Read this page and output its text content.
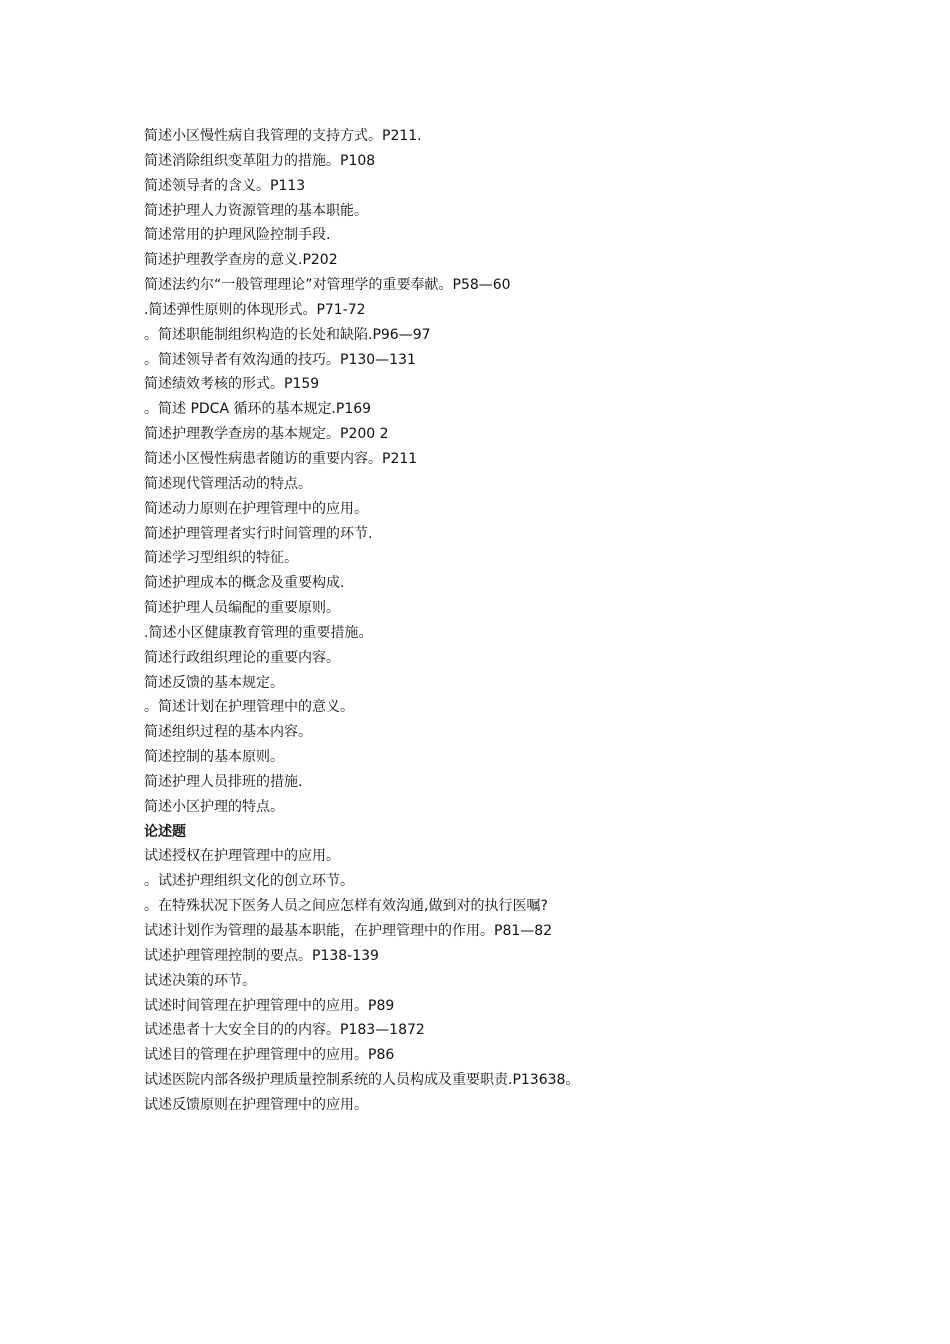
简述小区慢性病自我管理的支持方式。P211.
简述消除组织变革阻力的措施。P108
简述领导者的含义。P113
简述护理人力资源管理的基本职能。
简述常用的护理风险控制手段.
简述护理教学查房的意义.P202
简述法约尔“一般管理理论”对管理学的重要奉献。P58—60
.简述弹性原则的体现形式。P71-72
。简述职能制组织构造的长处和缺陷.P96—97
。简述领导者有效沟通的技巧。P130—131
简述绩效考核的形式。P159
。简述 PDCA 循环的基本规定.P169
简述护理教学查房的基本规定。P200 2
简述小区慢性病患者随访的重要内容。P211
简述现代管理活动的特点。
简述动力原则在护理管理中的应用。
简述护理管理者实行时间管理的环节.
简述学习型组织的特征。
简述护理成本的概念及重要构成.
简述护理人员编配的重要原则。
.简述小区健康教育管理的重要措施。
简述行政组织理论的重要内容。
简述反馈的基本规定。
。简述计划在护理管理中的意义。
简述组织过程的基本内容。
简述控制的基本原则。
简述护理人员排班的措施.
简述小区护理的特点。
论述题
试述授权在护理管理中的应用。
。试述护理组织文化的创立环节。
。在特殊状况下医务人员之间应怎样有效沟通,做到对的执行医嘱?
试述计划作为管理的最基本职能，在护理管理中的作用。P81—82
试述护理管理控制的要点。P138-139
试述决策的环节。
试述时间管理在护理管理中的应用。P89
试述患者十大安全目的的内容。P183—1872
试述目的管理在护理管理中的应用。P86
试述医院内部各级护理质量控制系统的人员构成及重要职责.P13638。
试述反馈原则在护理管理中的应用。
